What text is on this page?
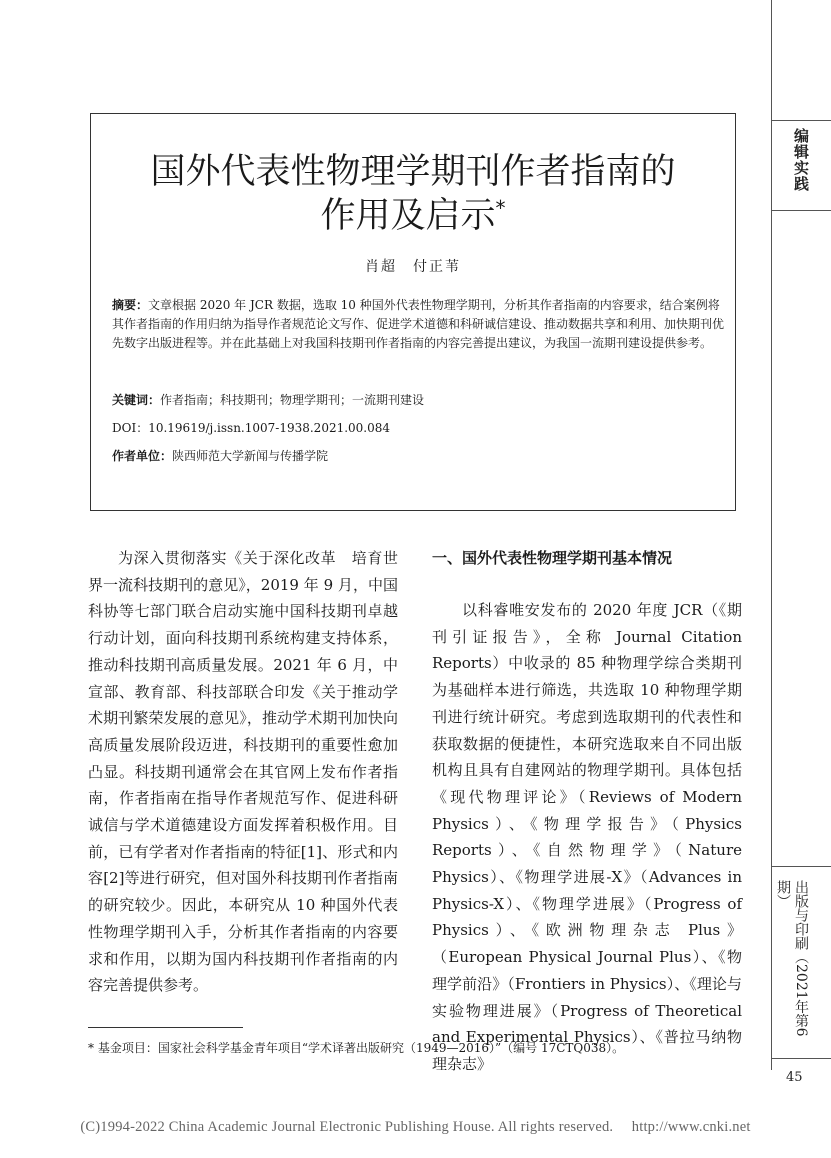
编辑实践
出版与印刷（2021年第6期）
45
国外代表性物理学期刊作者指南的
作用及启示*
肖超　付正苇
摘要：文章根据 2020 年 JCR 数据，选取 10 种国外代表性物理学期刊，分析其作者指南的内容要求，结合案例将其作者指南的作用归纳为指导作者规范论文写作、促进学术道德和科研诚信建设、推动数据共享和利用、加快期刊优先数字出版进程等。并在此基础上对我国科技期刊作者指南的内容完善提出建议，为我国一流期刊建设提供参考。
关键词：作者指南；科技期刊；物理学期刊；一流期刊建设
DOI：10.19619/j.issn.1007-1938.2021.00.084
作者单位：陕西师范大学新闻与传播学院

为深入贯彻落实《关于深化改革　培育世界一流科技期刊的意见》，2019 年 9 月，中国科协等七部门联合启动实施中国科技期刊卓越行动计划，面向科技期刊系统构建支持体系，推动科技期刊高质量发展。2021 年 6 月，中宣部、教育部、科技部联合印发《关于推动学术期刊繁荣发展的意见》，推动学术期刊加快向高质量发展阶段迈进，科技期刊的重要性愈加凸显。科技期刊通常会在其官网上发布作者指南，作者指南在指导作者规范写作、促进科研诚信与学术道德建设方面发挥着积极作用。目前，已有学者对作者指南的特征[1]、形式和内容[2]等进行研究，但对国外科技期刊作者指南的研究较少。因此，本研究从 10 种国外代表性物理学期刊入手，分析其作者指南的内容要求和作用，以期为国内科技期刊作者指南的内容完善提供参考。

一、国外代表性物理学期刊基本情况

以科睿唯安发布的 2020 年度 JCR（《期刊引证报告》，全称 Journal Citation Reports）中收录的 85 种物理学综合类期刊为基础样本进行筛选，共选取 10 种物理学期刊进行统计研究。考虑到选取期刊的代表性和获取数据的便捷性，本研究选取来自不同出版机构且具有自建网站的物理学期刊。具体包括《现代物理评论》（Reviews of Modern Physics）、《物理学报告》（Physics Reports）、《自然物理学》（Nature Physics）、《物理学进展-X》（Advances in Physics-X）、《物理学进展》（Progress of Physics）、《欧洲物理杂志 Plus》（European Physical Journal Plus）、《物理学前沿》（Frontiers in Physics）、《理论与实验物理进展》（Progress of Theoretical and Experimental Physics）、《普拉马纳物理杂志》

* 基金项目：国家社会科学基金青年项目“学术译著出版研究（1949—2016）”（编号 17CTQ038）。
(C)1994-2022 China Academic Journal Electronic Publishing House. All rights reserved.　 http://www.cnki.net
